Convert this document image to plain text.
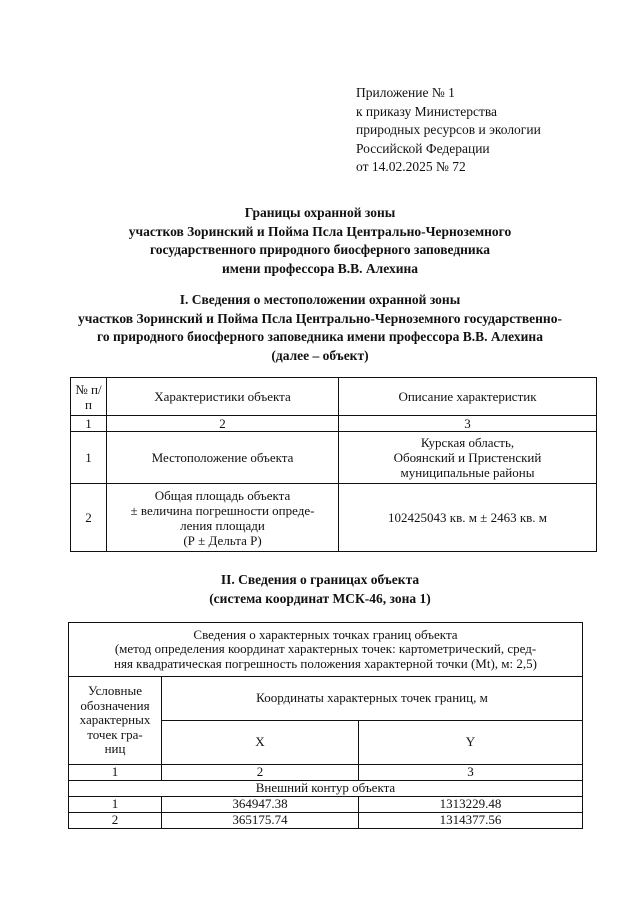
Приложение № 1
к приказу Министерства
природных ресурсов и экологии
Российской Федерации
от 14.02.2025 № 72
Границы охранной зоны
участков Зоринский и Пойма Псла Центрально-Черноземного
государственного природного биосферного заповедника
имени профессора В.В. Алехина
I. Сведения о местоположении охранной зоны
участков Зоринский и Пойма Псла Центрально-Черноземного государственно-
го природного биосферного заповедника имени профессора В.В. Алехина
(далее – объект)
№ п/п	Характеристики объекта	Описание характеристик
1	2	3
1	Местоположение объекта	Курская область,
Обоянский и Пристенский
муниципальные районы

2	Общая площадь объекта
± величина погрешности опреде-
ления площади
(Р ± Дельта Р)	102425043 кв. м ± 2463 кв. м
II. Сведения о границах объекта
(система координат МСК-46, зона 1)
Сведения о характерных точках границ объекта
(метод определения координат характерных точек: картометрический, сред-
няя квадратическая погрешность положения характерной точки (Mt), м: 2,5)		

Условные
обозначения
характерных
точек гра-
ниц	Координаты характерных точек границ, м	
	X	Y
1	2	3
Внешний контур объекта		
1	364947.38	1313229.48
2	365175.74	1314377.56
